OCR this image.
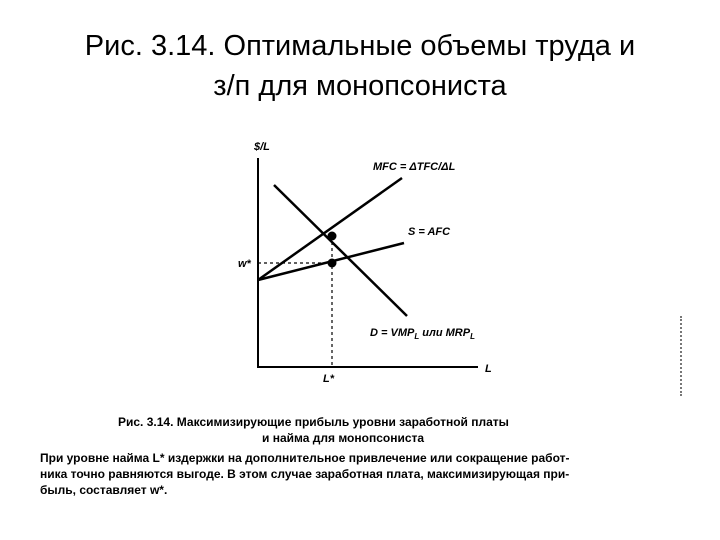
Рис. 3.14. Оптимальные объемы труда и
з/п для монопсониста
$/L
L
MFC = ΔTFC/ΔL
S = AFC
$D = VMP_L$ или $MRP_L$
w*
L*
Рис. 3.14. Максимизирующие прибыль уровни заработной платы
и найма для монопсониста
При уровне найма L* издержки на дополнительное привлечение или сокращение работ-
ника точно равняются выгоде. В этом случае заработная плата, максимизирующая при-
быль, составляет w*.
